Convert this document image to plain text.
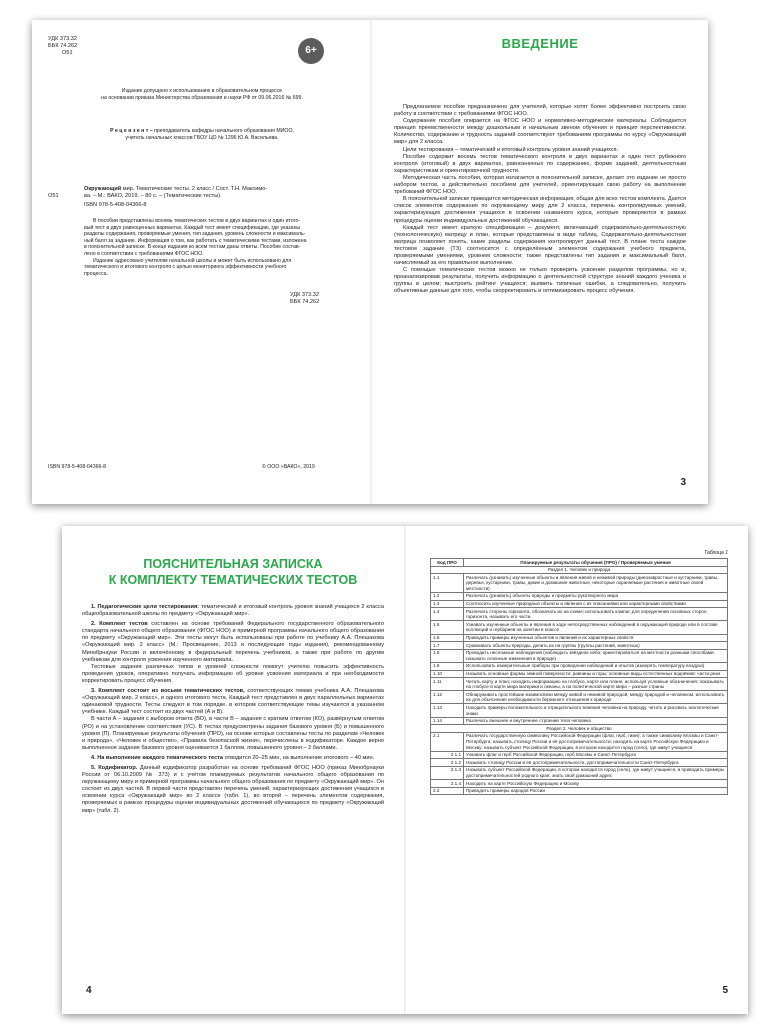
УДК 373.32
ББК 74.262
О51	6+
Издание допущено к использованию в образовательном процессе
на основании приказа Министерства образования и науки РФ от 09.06.2016 № 699.
Р е ц е н з е н т – преподаватель кафедры начального образования МИОО,
учитель начальных классов ГБОУ ЦО № 1296 Ю.А. Васильева.
Окружающий мир. Тематические тесты. 2 класс / Сост. Т.Н. Максимо-
О51	ва. – М.: ВАКО, 2019. – 80 с. – (Тематические тесты).
ISBN 978-5-408-04366-8
В пособии представлены восемь тематических тестов в двух вариантах и один итого-
вый тест в двух равноценных вариантах. Каждый тест имеет спецификацию, где указаны
разделы содержания, проверяемые умения, тип задания, уровень сложности и максималь-
ный балл за задание. Информация о том, как работать с тематическими тестами, изложена
в пояснительной записке. В конце издания ко всем тестам даны ответы. Пособие состав-
лено в соответствии с требованиями ФГОС НОО.
Издание адресовано учителям начальной школы и может быть использовано для
тематического и итогового контроля с целью мониторинга эффективности учебного
процесса.
УДК 373.32
ББК 74.262
ISBN 978-5-408-04366-8	© ООО «ВАКО», 2019
ВВЕДЕНИЕ

Предлагаемое пособие предназначено для учителей, которые хотят более эффективно построить свою работу в соответствии с требованиями ФГОС НОО.

Содержание пособия опирается на ФГОС НОО и нормативно-методические материалы. Соблюдается принцип преемственности между дошкольным и начальным звеном обучения и принцип перспективности. Количество, содержание и трудность заданий соответствуют требованиям программы по курсу «Окружающий мир» для 2 класса.

Цели тестирования – тематический и итоговый контроль уровня знаний учащихся.

Пособие содержит восемь тестов тематического контроля в двух вариантах и один тест рубежного контроля (итоговый) в двух вариантах, равнозначных по содержанию, форме заданий, деятельностным характеристикам и ориентировочной трудности.

Методическая часть пособия, которая излагается в пояснительной записке, делает это издание не просто набором тестов, а действительно пособием для учителей, ориентирующих свою работу на выполнение требований ФГОС НОО.

В пояснительной записке приводится методическая информация, общая для всех тестов комплекта. Дается список элементов содержания по окружающему миру для 2 класса, перечень контролируемых умений, характеризующих достижения учащихся в освоении названного курса, которые проверяются в рамках процедуры оценки индивидуальных достижений обучающихся.

Каждый тест имеет краткую спецификацию – документ, включающий содержательно-деятельностную (технологическую) матрицу и план, которые представлены в виде таблиц. Содержательно-деятельностная матрица позволяет понять, какие разделы содержания контролирует данный тест. В плане теста каждое тестовое задание (ТЗ) соотносится с определённым элементом содержания учебного предмета, проверяемыми умениями, уровнем сложности; также представлены тип задания и максимальный балл, начисляемый за его правильное выполнение.

С помощью тематических тестов можно не только проверить усвоение разделов программы, но и, проанализировав результаты, получить информацию о деятельностной структуре знаний каждого ученика и группы в целом; выстроить рейтинг учащихся; выявить типичные ошибки, а следовательно, получить объективные данные для того, чтобы скорректировать и оптимизировать процесс обучения.

3
ПОЯСНИТЕЛЬНАЯ ЗАПИСКА
К КОМПЛЕКТУ ТЕМАТИЧЕСКИХ ТЕСТОВ

1. Педагогические цели тестирования: тематический и итоговый контроль уровня знаний учащихся 2 класса общеобразовательной школы по предмету «Окружающий мир».

2. Комплект тестов составлен на основе требований Федерального государственного образовательного стандарта начального общего образования (ФГОС НОО) и примерной программы начального общего образования по предмету «Окружающий мир». Эти тесты могут быть использованы при работе по учебнику А.А. Плешакова «Окружающий мир. 2 класс» (М.: Просвещение, 2013 и последующие годы издания), рекомендованному Минобрнауки России и включённому в федеральный перечень учебников, а также при работе по другим учебникам для контроля усвоения изученного материала.

Тестовые задания различных типов и уровней сложности помогут учителю повысить эффективность проведения уроков, оперативно получать информацию об уровне усвоения материала и при необходимости корректировать процесс обучения.

3. Комплект состоит из восьми тематических тестов, соответствующих темам учебника А.А. Плешакова «Окружающий мир. 2 класс», и одного итогового теста. Каждый тест представлен в двух параллельных вариантах одинаковой трудности. Тесты следуют в том порядке, в котором соответствующие темы изучаются в указанном учебнике. Каждый тест состоит из двух частей (А и В).

В части А – задания с выбором ответа (ВО), в части В – задания с кратким ответом (КО), развёрнутым ответом (РО) и на установление соответствия (УС). В тестах предусмотрены задания базового уровня (Б) и повышенного уровня (П). Планируемые результаты обучения (ПРО), на основе которых составлены тесты по разделам «Человек и природа», «Человек и общество», «Правила безопасной жизни», перечислены в кодификаторе. Каждое верно выполненное задание базового уровня оценивается 1 баллом, повышенного уровня – 2 баллами.

4. На выполнение каждого тематического теста отводится 20–25 мин, на выполнение итогового – 40 мин.

5. Кодификатор. Данный кодификатор разработан на основе требований ФГОС НОО (приказ Минобрнауки России от 06.10.2009 № 373) и с учётом планируемых результатов начального общего образования по окружающему миру и примерной программы начального общего образования по предмету «Окружающий мир». Он состоит из двух частей. В первой части представлен перечень умений, характеризующих достижения учащихся в освоении курса «Окружающий мир» во 2 классе (табл. 1), во второй – перечень элементов содержания, проверяемых в рамках процедуры оценки индивидуальных достижений обучающихся по предмету «Окружающий мир» (табл. 2).

4
Таблица 1
Код ПРО	Планируемые результаты обучения (ПРО) / Проверяемые умения
Раздел 1. Человек и природа	
1.1	Различать (узнавать) изученные объекты и явления живой и неживой природы (динозавростные и кустарники, травы, деревья, кустарники, травы, дикие и домашние животные, некоторые охраняемые растения и животные своей местности)
1.2	Различать (узнавать) объекты природы и предметы рукотворного мира
1.3	Соотносить изученные природные объекты и явления с их описаниями или характерными свойствами
1.4	Различать стороны горизонта, обозначать их на схеме; использовать компас для определения основных сторон горизонта, называть его части
1.5	Узнавать изученные объекты и явления в ходе непосредственных наблюдений в окружающей природе или в составе коллекций и гербариев на занятии в классе
1.6	Приводить примеры изученных объектов и явлений и их характерных свойств
1.7	Сравнивать объекты природы, делить их на группы (группы растений, животных)
1.8	Проводить несложные наблюдения (наблюдать звёздное небо; ориентироваться на местности разными способами, называть сезонные изменения в природе)
1.9	Использовать измерительные приборы при проведении наблюдений и опытов (измерять температуру воздуха)
1.10	Называть основные формы земной поверхности: равнины и горы; основные виды естественных водоёмов: части реки
1.11	Читать карту и план; находить информацию на глобусе, карте или плане, используя условные обозначения; показывать на глобусе и карте мира материки и океаны, а на политической карте мира – разные страны
1.12	Обнаруживать простейшие взаимосвязи между живой и неживой природой, между природой и человеком, использовать их для объяснения необходимости бережного отношения к природе
1.13	Находить примеры положительного и отрицательного влияния человека на природу, читать и рисовать экологические знаки
1.14	Различать внешнее и внутреннее строение тела человека
Раздел 2. Человек и общество	
2.1	Различать государственную символику Российской Федерации (флаг, герб, гимн), а также символику Москвы и Санкт-Петербурга; называть столицу России и её достопримечательности; находить на карте Российскую Федерацию и Москву; называть субъект Российской Федерации, в котором находится город (село), где живут учащиеся
2.1.1	Узнавать флаг и герб Российской Федерации, герб Москвы и Санкт-Петербурга
2.1.2	Называть столицу России и её достопримечательности, достопримечательности Санкт-Петербурга
2.1.3	Называть субъект Российской Федерации, в котором находится город (село), где живут учащиеся, и приводить примеры достопримечательностей родного края; знать свой домашний адрес
2.1.4	Находить на карте Российскую Федерацию и Москву
2.2	Приводить примеры народов России
5
